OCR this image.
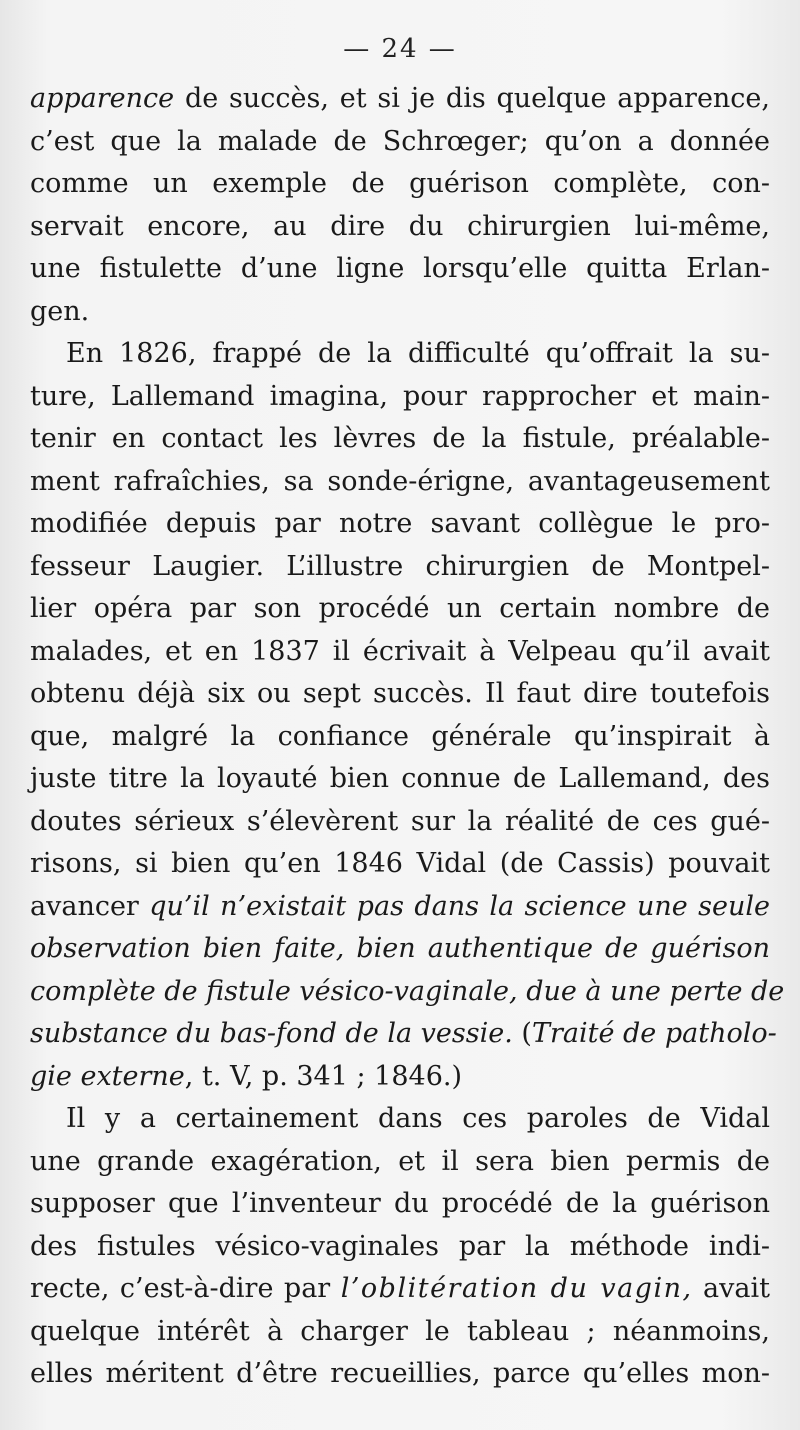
— 24 —
apparence de succès, et si je dis quelque apparence,
c’est que la malade de Schrœger; qu’on a donnée
comme un exemple de guérison complète, con-
servait encore, au dire du chirurgien lui-même,
une fistulette d’une ligne lorsqu’elle quitta Erlan-
gen.
En 1826, frappé de la difficulté qu’offrait la su-
ture, Lallemand imagina, pour rapprocher et main-
tenir en contact les lèvres de la fistule, préalable-
ment rafraîchies, sa sonde-érigne, avantageusement
modifiée depuis par notre savant collègue le pro-
fesseur Laugier. L’illustre chirurgien de Montpel-
lier opéra par son procédé un certain nombre de
malades, et en 1837 il écrivait à Velpeau qu’il avait
obtenu déjà six ou sept succès. Il faut dire toutefois
que, malgré la confiance générale qu’inspirait à
juste titre la loyauté bien connue de Lallemand, des
doutes sérieux s’élevèrent sur la réalité de ces gué-
risons, si bien qu’en 1846 Vidal (de Cassis) pouvait
avancer qu’il n’existait pas dans la science une seule
observation bien faite, bien authentique de guérison
complète de fistule vésico-vaginale, due à une perte de
substance du bas-fond de la vessie. (Traité de patholo-
gie externe, t. V, p. 341 ; 1846.)
Il y a certainement dans ces paroles de Vidal
une grande exagération, et il sera bien permis de
supposer que l’inventeur du procédé de la guérison
des fistules vésico-vaginales par la méthode indi-
recte, c’est-à-dire par l’oblitération du vagin, avait
quelque intérêt à charger le tableau ; néanmoins,
elles méritent d’être recueillies, parce qu’elles mon-
